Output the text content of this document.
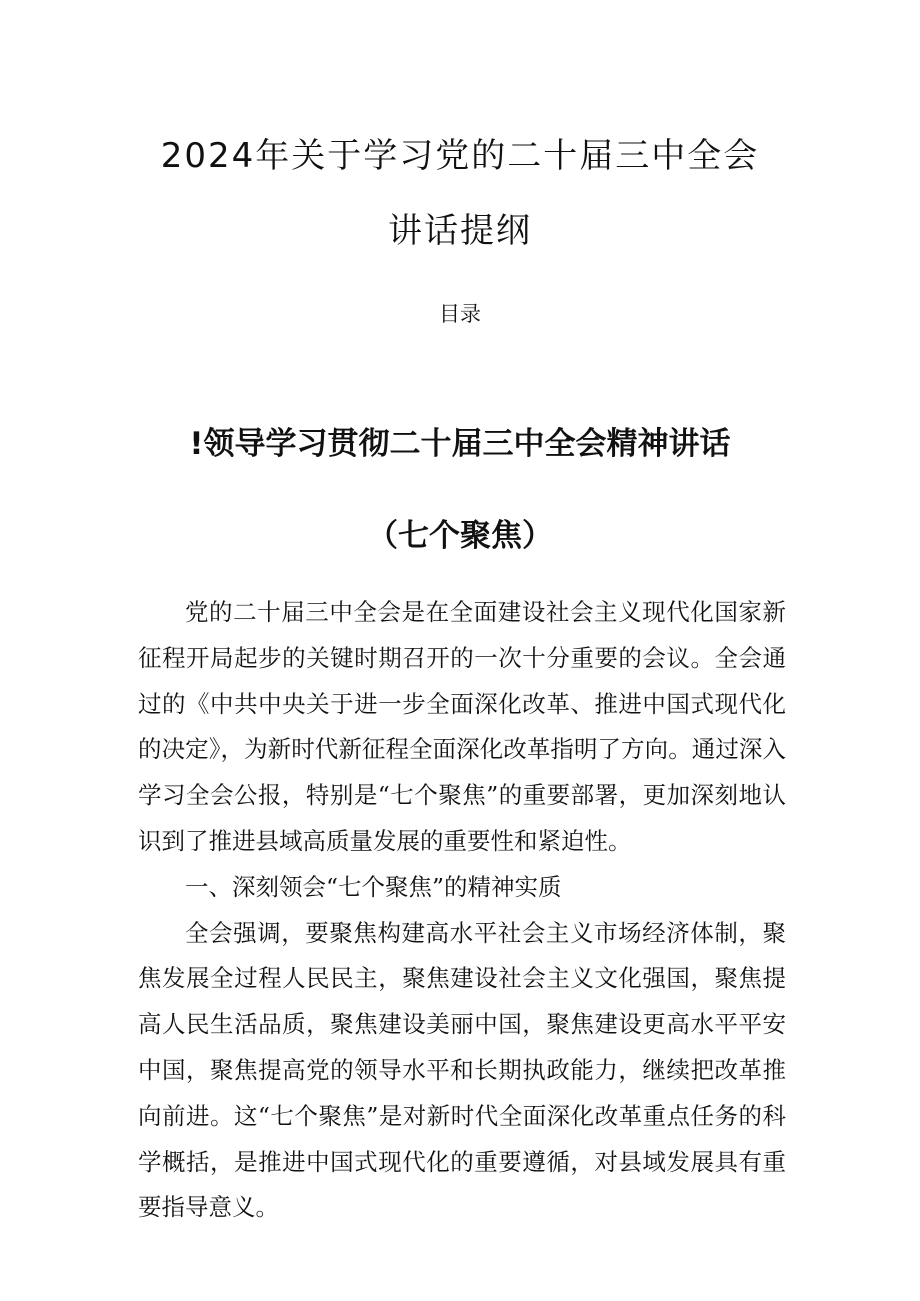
2024年关于学习党的二十届三中全会
讲话提纲
目录
!领导学习贯彻二十届三中全会精神讲话
（七个聚焦）

党的二十届三中全会是在全面建设社会主义现代化国家新征程开局起步的关键时期召开的一次十分重要的会议。全会通过的《中共中央关于进一步全面深化改革、推进中国式现代化的决定》，为新时代新征程全面深化改革指明了方向。通过深入学习全会公报，特别是“七个聚焦”的重要部署，更加深刻地认识到了推进县域高质量发展的重要性和紧迫性。

一、深刻领会“七个聚焦”的精神实质

全会强调，要聚焦构建高水平社会主义市场经济体制，聚焦发展全过程人民民主，聚焦建设社会主义文化强国，聚焦提高人民生活品质，聚焦建设美丽中国，聚焦建设更高水平平安中国，聚焦提高党的领导水平和长期执政能力，继续把改革推向前进。这“七个聚焦”是对新时代全面深化改革重点任务的科学概括，是推进中国式现代化的重要遵循，对县域发展具有重要指导意义。
